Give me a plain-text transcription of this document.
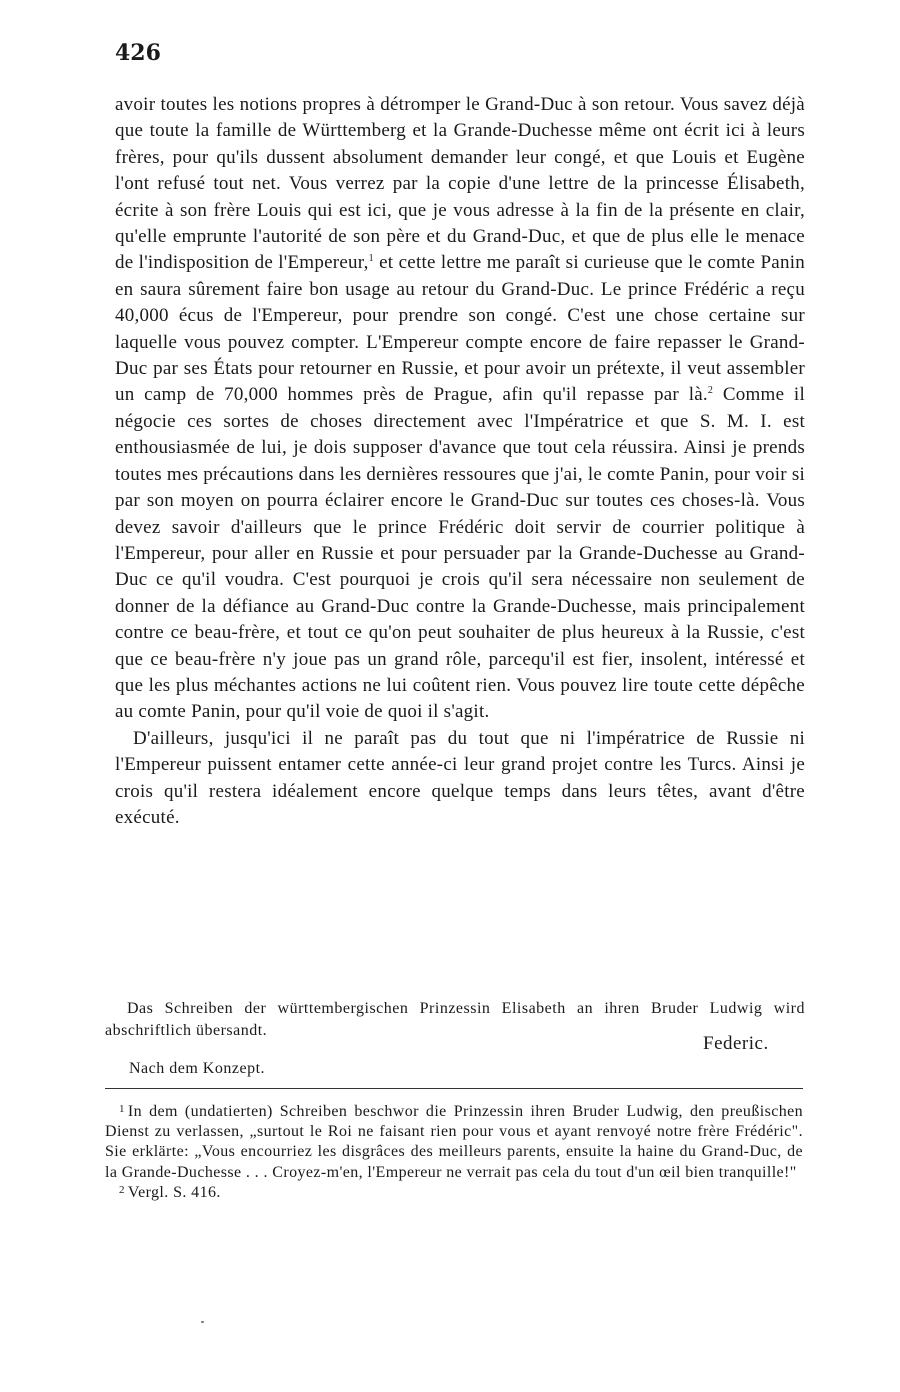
426

avoir toutes les notions propres à détromper le Grand-Duc à son retour. Vous savez déjà que toute la famille de Württemberg et la Grande-Duchesse même ont écrit ici à leurs frères, pour qu'ils dussent absolument demander leur congé, et que Louis et Eugène l'ont refusé tout net. Vous verrez par la copie d'une lettre de la princesse Élisabeth, écrite à son frère Louis qui est ici, que je vous adresse à la fin de la présente en clair, qu'elle emprunte l'autorité de son père et du Grand-Duc, et que de plus elle le menace de l'indisposition de l'Empereur,$^1$ et cette lettre me paraît si curieuse que le comte Panin en saura sûrement faire bon usage au retour du Grand-Duc. Le prince Frédéric a reçu 40,000 écus de l'Empereur, pour prendre son congé. C'est une chose certaine sur laquelle vous pouvez compter. L'Empereur compte encore de faire repasser le Grand-Duc par ses États pour retourner en Russie, et pour avoir un prétexte, il veut assembler un camp de 70,000 hommes près de Prague, afin qu'il repasse par là.$^2$ Comme il négocie ces sortes de choses directement avec l'Impératrice et que S. M. I. est enthousiasmée de lui, je dois supposer d'avance que tout cela réussira. Ainsi je prends toutes mes précautions dans les dernières ressoures que j'ai, le comte Panin, pour voir si par son moyen on pourra éclairer encore le Grand-Duc sur toutes ces choses-là. Vous devez savoir d'ailleurs que le prince Frédéric doit servir de courrier politique à l'Empereur, pour aller en Russie et pour persuader par la Grande-Duchesse au Grand-Duc ce qu'il voudra. C'est pourquoi je crois qu'il sera nécessaire non seulement de donner de la défiance au Grand-Duc contre la Grande-Duchesse, mais principalement contre ce beau-frère, et tout ce qu'on peut souhaiter de plus heureux à la Russie, c'est que ce beau-frère n'y joue pas un grand rôle, parcequ'il est fier, insolent, intéressé et que les plus méchantes actions ne lui coûtent rien. Vous pouvez lire toute cette dépêche au comte Panin, pour qu'il voie de quoi il s'agit.

D'ailleurs, jusqu'ici il ne paraît pas du tout que ni l'impératrice de Russie ni l'Empereur puissent entamer cette année-ci leur grand projet contre les Turcs. Ainsi je crois qu'il restera idéalement encore quelque temps dans leurs têtes, avant d'être exécuté.

Das Schreiben der württembergischen Prinzessin Elisabeth an ihren Bruder Ludwig wird abschriftlich übersandt.

Federic.
Nach dem Konzept.

$^1$ In dem (undatierten) Schreiben beschwor die Prinzessin ihren Bruder Ludwig, den preußischen Dienst zu verlassen, „surtout le Roi ne faisant rien pour vous et ayant renvoyé notre frère Frédéric". Sie erklärte: „Vous encourriez les disgrâces des meilleurs parents, ensuite la haine du Grand-Duc, de la Grande-Duchesse . . . Croyez-m'en, l'Empereur ne verrait pas cela du tout d'un œil bien tranquille!"

$^2$ Vergl. S. 416.
